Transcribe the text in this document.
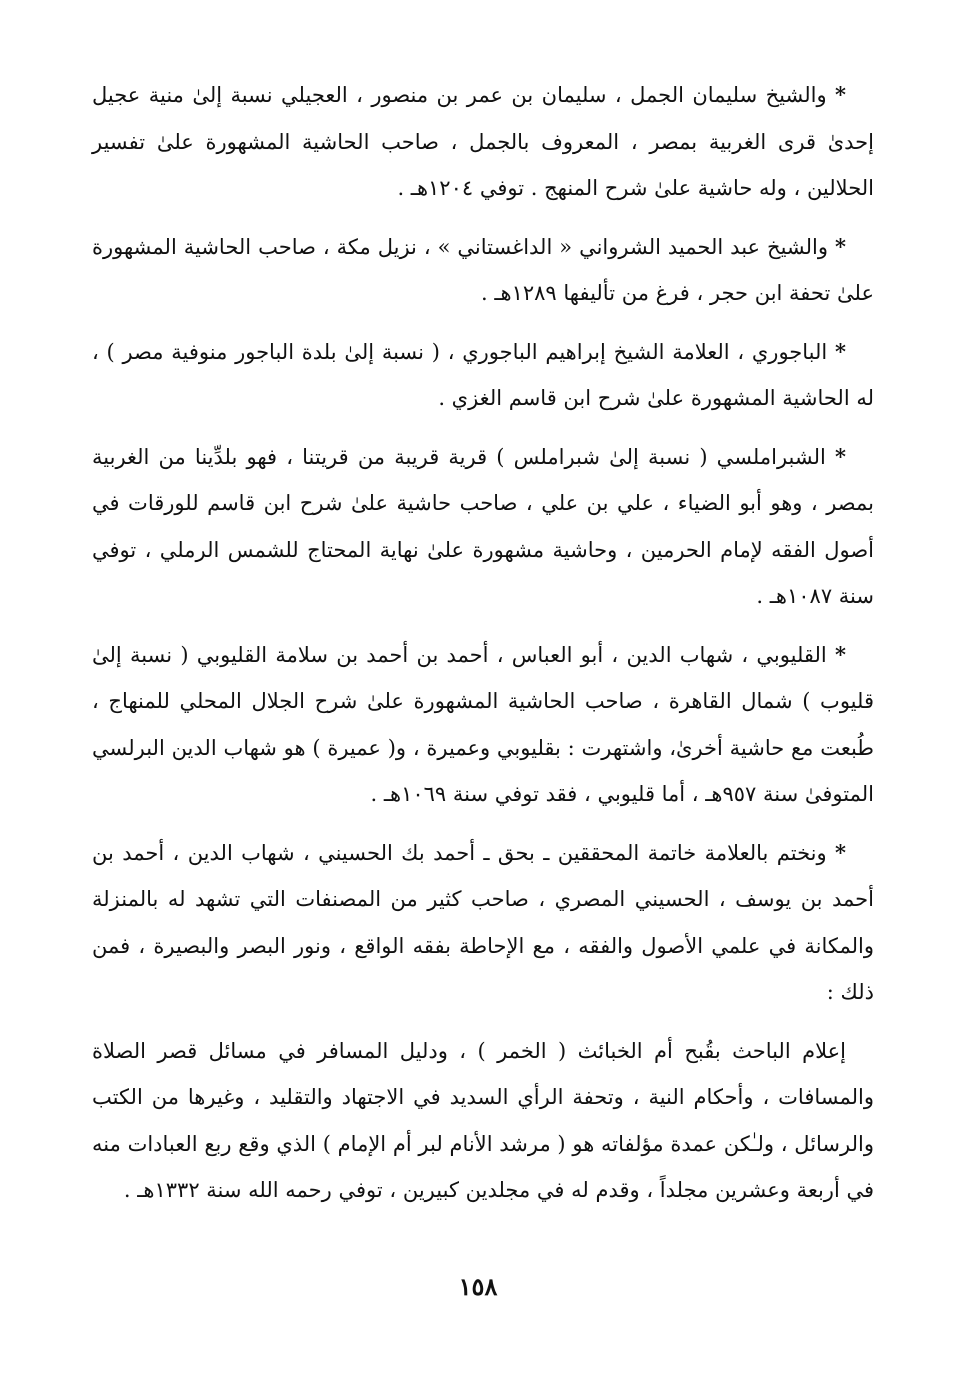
* والشيخ سليمان الجمل ، سليمان بن عمر بن منصور ، العجيلي نسبة إلىٰ منية عجيل إحدىٰ قرى الغربية بمصر ، المعروف بالجمل ، صاحب الحاشية المشهورة علىٰ تفسير الحلالين ، وله حاشية علىٰ شرح المنهج . توفي ١٢٠٤هـ .

* والشيخ عبد الحميد الشرواني « الداغستاني » ، نزيل مكة ، صاحب الحاشية المشهورة علىٰ تحفة ابن حجر ، فرغ من تأليفها ١٢٨٩هـ .

* الباجوري ، العلامة الشيخ إبراهيم الباجوري ، ( نسبة إلىٰ بلدة الباجور منوفية مصر ) ، له الحاشية المشهورة علىٰ شرح ابن قاسم الغزي .

* الشبراملسي ( نسبة إلىٰ شبراملس ) قرية قريبة من قريتنا ، فهو بلدِّينا من الغربية بمصر ، وهو أبو الضياء ، علي بن علي ، صاحب حاشية علىٰ شرح ابن قاسم للورقات في أصول الفقه لإمام الحرمين ، وحاشية مشهورة علىٰ نهاية المحتاج للشمس الرملي ، توفي سنة ١٠٨٧هـ .

* القليوبي ، شهاب الدين ، أبو العباس ، أحمد بن أحمد بن سلامة القليوبي ( نسبة إلىٰ قليوب ) شمال القاهرة ، صاحب الحاشية المشهورة علىٰ شرح الجلال المحلي للمنهاج ، طُبعت مع حاشية أخرىٰ، واشتهرت : بقليوبي وعميرة ، و( عميرة ) هو شهاب الدين البرلسي المتوفىٰ سنة ٩٥٧هـ ، أما قليوبي ، فقد توفي سنة ١٠٦٩هـ .

* ونختم بالعلامة خاتمة المحققين ـ بحق ـ أحمد بك الحسيني ، شهاب الدين ، أحمد بن أحمد بن يوسف ، الحسيني المصري ، صاحب كثير من المصنفات التي تشهد له بالمنزلة والمكانة في علمي الأصول والفقه ، مع الإحاطة بفقه الواقع ، ونور البصر والبصيرة ، فمن ذلك :

إعلام الباحث بقُبح أم الخبائث ( الخمر ) ، ودليل المسافر في مسائل قصر الصلاة والمسافات ، وأحكام النية ، وتحفة الرأي السديد في الاجتهاد والتقليد ، وغيرها من الكتب والرسائل ، ولـٰكن عمدة مؤلفاته هو ( مرشد الأنام لبر أم الإمام ) الذي وقع ربع العبادات منه في أربعة وعشرين مجلداً ، وقدم له في مجلدين كبيرين ، توفي رحمه الله سنة ١٣٣٢هـ .

١٥٨
